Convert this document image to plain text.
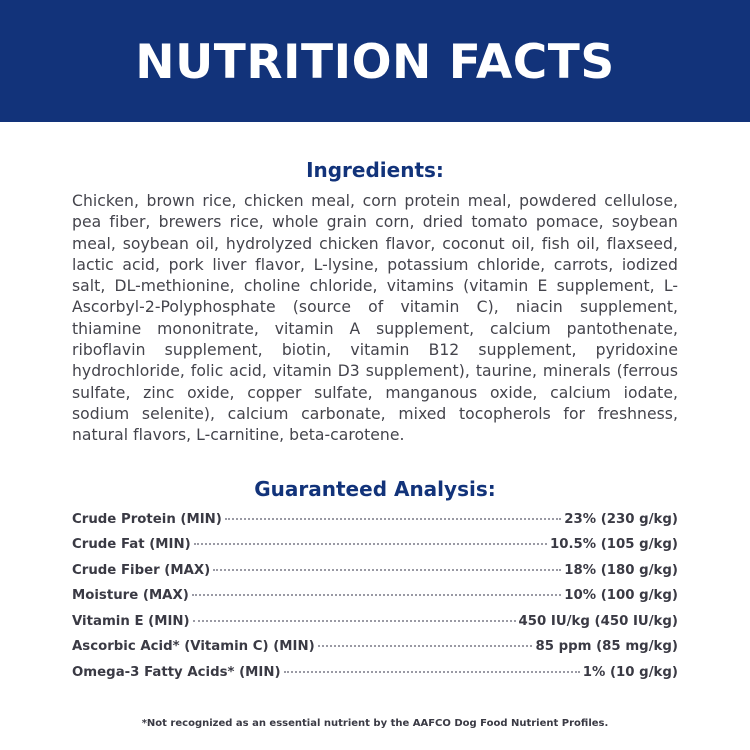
NUTRITION FACTS
Ingredients:

Chicken, brown rice, chicken meal, corn protein meal, powdered cellulose, pea fiber, brewers rice, whole grain corn, dried tomato pomace, soybean meal, soybean oil, hydrolyzed chicken flavor, coconut oil, fish oil, flaxseed, lactic acid, pork liver flavor, L-lysine, potassium chloride, carrots, iodized salt, DL-methionine, choline chloride, vitamins (vitamin E supplement, L-Ascorbyl-2-Polyphosphate (source of vitamin C), niacin supplement, thiamine mononitrate, vitamin A supplement, calcium pantothenate, riboflavin supplement, biotin, vitamin B12 supplement, pyridoxine hydrochloride, folic acid, vitamin D3 supplement), taurine, minerals (ferrous sulfate, zinc oxide, copper sulfate, manganous oxide, calcium iodate, sodium selenite), calcium carbonate, mixed tocopherols for freshness, natural flavors, L-carnitine, beta-carotene.

Guaranteed Analysis:
Crude Protein (MIN)	23% (230 g/kg)
Crude Fat (MIN)	10.5% (105 g/kg)
Crude Fiber (MAX)	18% (180 g/kg)
Moisture (MAX)	10% (100 g/kg)
Vitamin E (MIN)	450 IU/kg (450 IU/kg)
Ascorbic Acid* (Vitamin C) (MIN)	85 ppm (85 mg/kg)
Omega-3 Fatty Acids* (MIN)	1% (10 g/kg)

*Not recognized as an essential nutrient by the AAFCO Dog Food Nutrient Profiles.
